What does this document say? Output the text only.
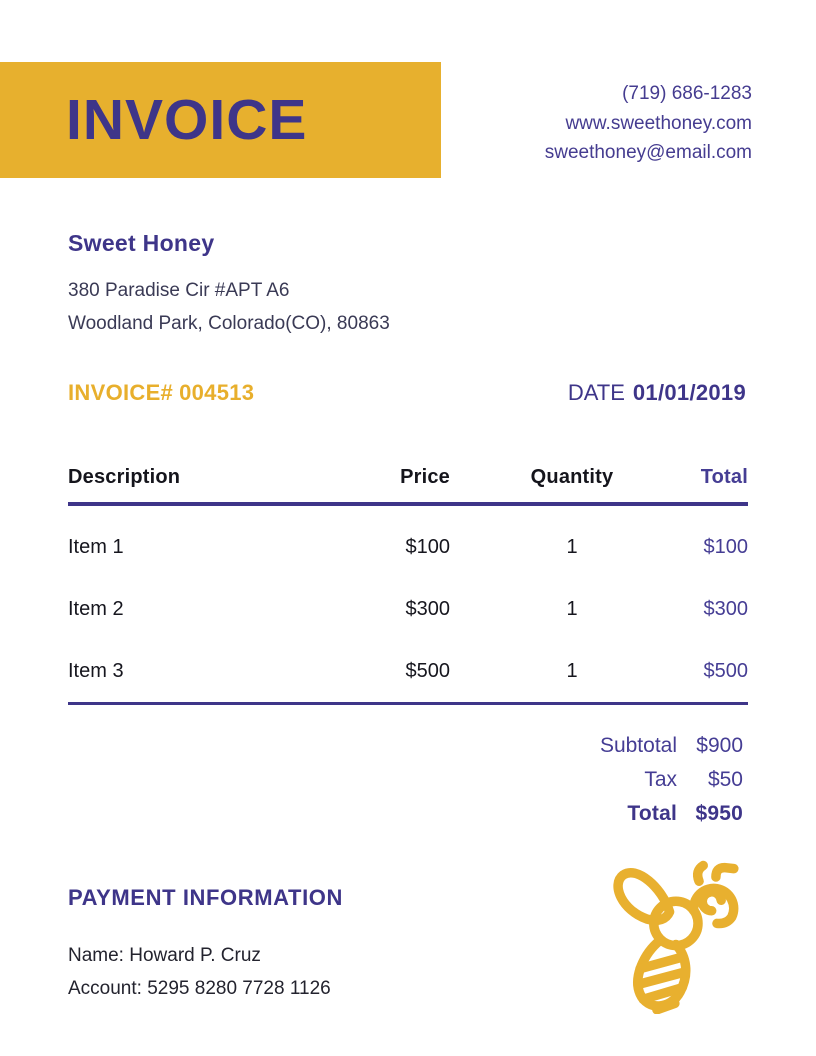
INVOICE	(719) 686-1283
www.sweethoney.com
sweethoney@email.com
Sweet Honey
380 Paradise Cir #APT A6
Woodland Park, Colorado(CO), 80863
INVOICE# 004513	DATE 01/01/2019
Description	Price	Quantity	Total
Item 1	$100	1	$100
Item 2	$300	1	$300
Item 3	$500	1	$500
Subtotal $900
Tax	$50
Total $950
PAYMENT INFORMATION
Name: Howard P. Cruz
Account: 5295 8280 7728 1126
